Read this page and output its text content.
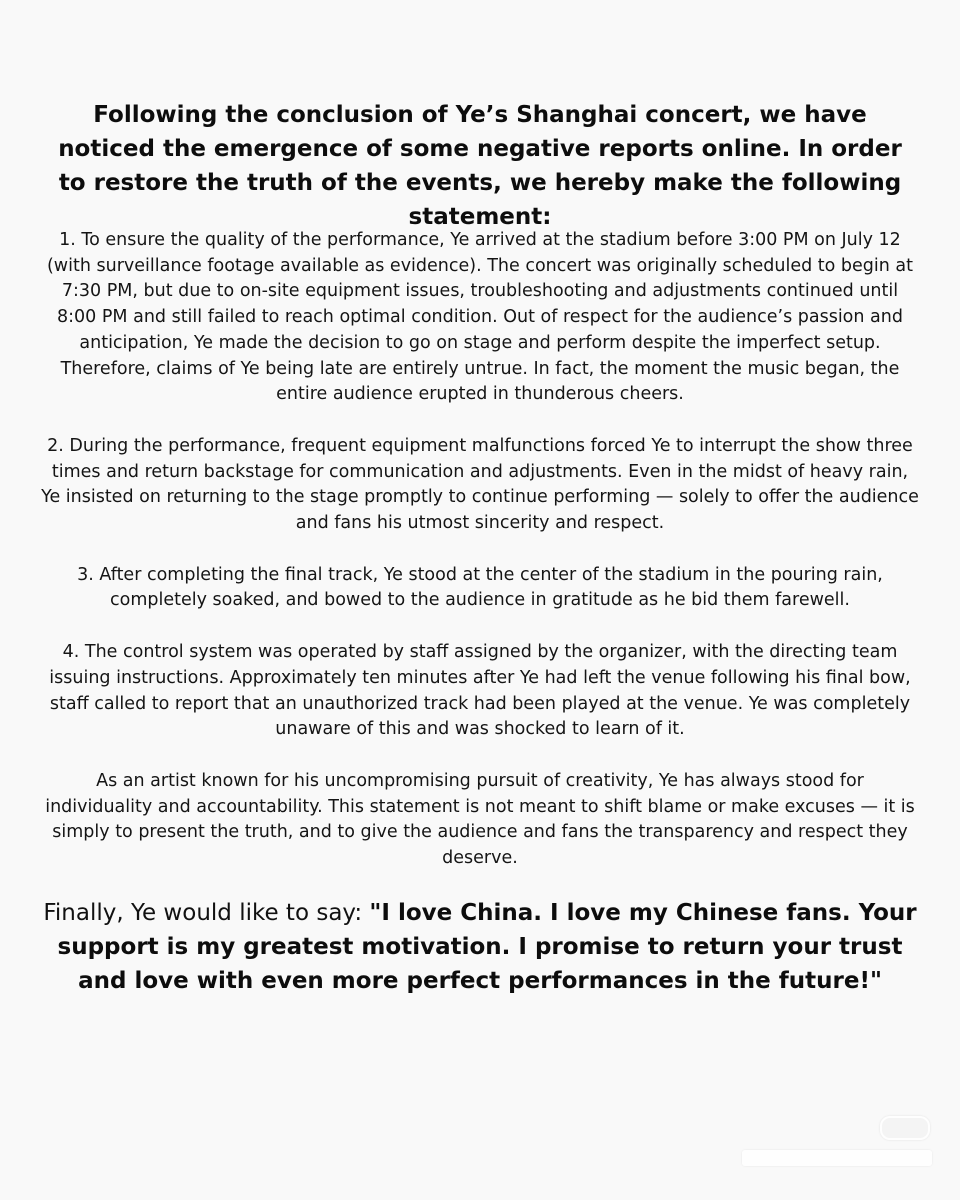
Following the conclusion of Ye’s Shanghai concert, we have noticed the emergence of some negative reports online. In order to restore the truth of the events, we hereby make the following statement:

1. To ensure the quality of the performance, Ye arrived at the stadium before 3:00 PM on July 12 (with surveillance footage available as evidence). The concert was originally scheduled to begin at 7:30 PM, but due to on-site equipment issues, troubleshooting and adjustments continued until 8:00 PM and still failed to reach optimal condition. Out of respect for the audience’s passion and anticipation, Ye made the decision to go on stage and perform despite the imperfect setup. Therefore, claims of Ye being late are entirely untrue. In fact, the moment the music began, the entire audience erupted in thunderous cheers.

2. During the performance, frequent equipment malfunctions forced Ye to interrupt the show three times and return backstage for communication and adjustments. Even in the midst of heavy rain, Ye insisted on returning to the stage promptly to continue performing — solely to offer the audience and fans his utmost sincerity and respect.

3. After completing the final track, Ye stood at the center of the stadium in the pouring rain, completely soaked, and bowed to the audience in gratitude as he bid them farewell.

4. The control system was operated by staff assigned by the organizer, with the directing team issuing instructions. Approximately ten minutes after Ye had left the venue following his final bow, staff called to report that an unauthorized track had been played at the venue. Ye was completely unaware of this and was shocked to learn of it.

As an artist known for his uncompromising pursuit of creativity, Ye has always stood for individuality and accountability. This statement is not meant to shift blame or make excuses — it is simply to present the truth, and to give the audience and fans the transparency and respect they deserve.

Finally, Ye would like to say: "I love China. I love my Chinese fans. Your support is my greatest motivation. I promise to return your trust and love with even more perfect performances in the future!"
